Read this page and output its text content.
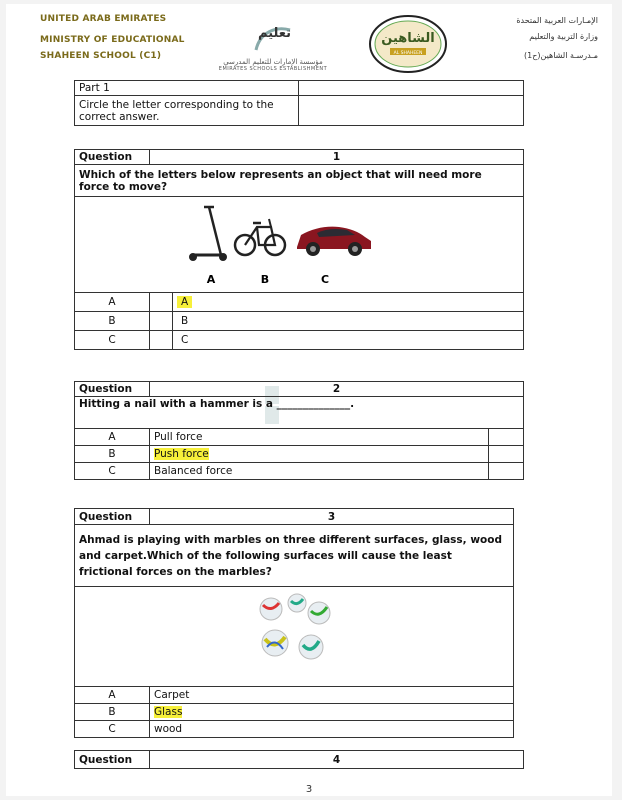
UNITED ARAB EMIRATES
MINISTRY OF EDUCATIONAL
SHAHEEN SCHOOL (C1)
تعليم
مؤسسة الإمارات للتعليم المدرسي
EMIRATES SCHOOLS ESTABLISHMENT
الشاهين
AL SHAHEEN
الإمـارات العربية المتحدة
وزارة التربية والتعليم
مـدرسـة الشاهين(ح1)
Part 1	
Circle the letter corresponding to the
correct answer.	
Question	1	
Which of the letters below represents an object that will need more
force to move?		

A B C		

A		A
B		B
C		C
Question	2	
Hitting a nail with a hammer is a ______________.		
A	Pull force	
B	Push force	
C	Balanced force	
Question	3
Ahmad is playing with marbles on three different surfaces, glass, wood
and carpet.Which of the following surfaces will cause the least
frictional forces on the marbles?	

A	Carpet
B	Glass
C	wood
Question	4
3
